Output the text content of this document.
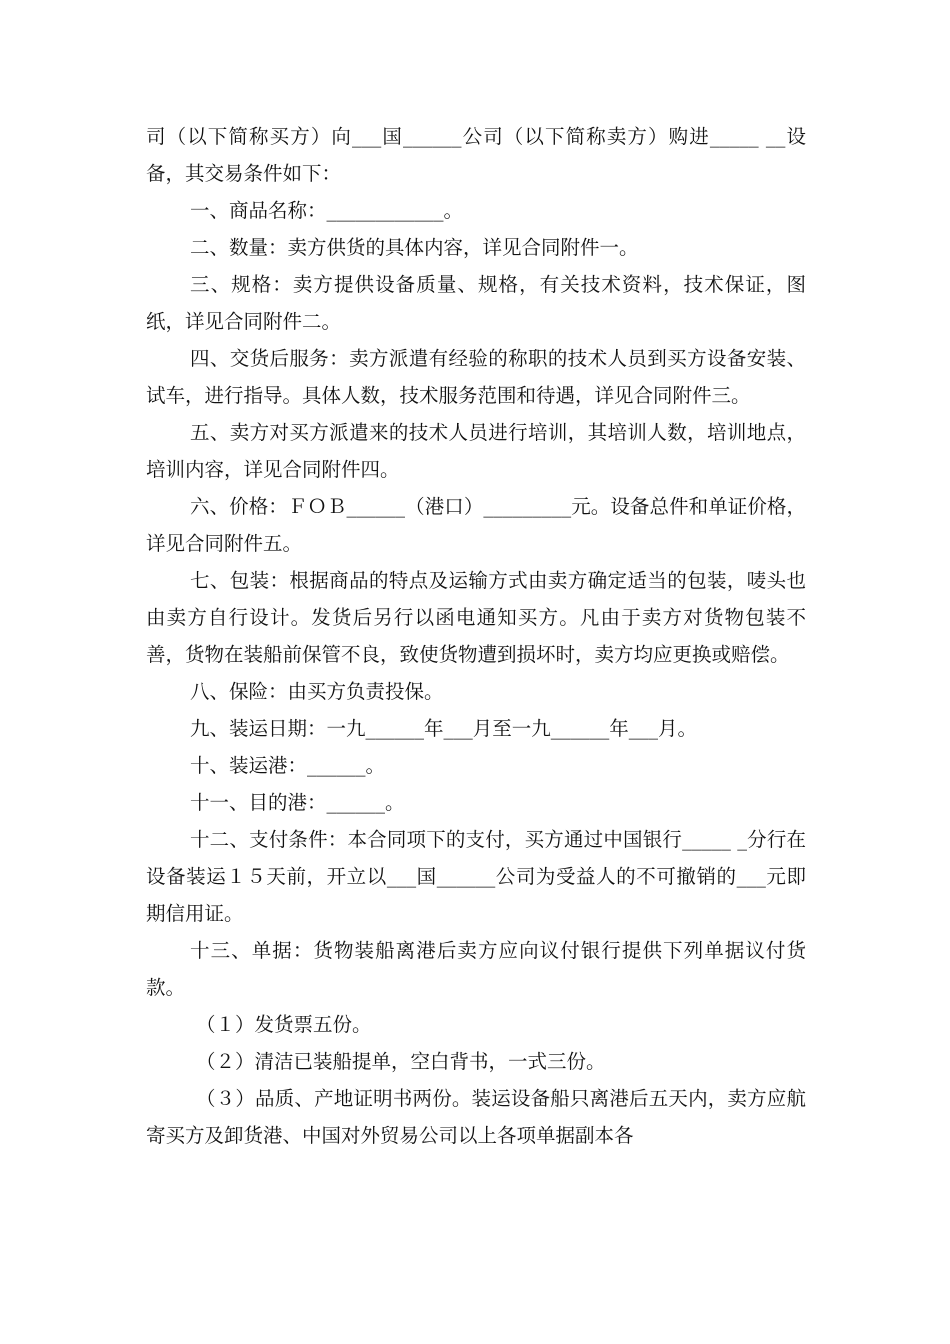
司（以下简称买方）向___国______公司（以下简称卖方）购进_____ __设备，其交易条件如下：

一、商品名称：____________。

二、数量：卖方供货的具体内容，详见合同附件一。

三、规格：卖方提供设备质量、规格，有关技术资料，技术保证，图纸，详见合同附件二。

四、交货后服务：卖方派遣有经验的称职的技术人员到买方设备安装、试车，进行指导。具体人数，技术服务范围和待遇，详见合同附件三。

五、卖方对买方派遣来的技术人员进行培训，其培训人数，培训地点，培训内容，详见合同附件四。

六、价格：ＦＯＢ______（港口）_________元。设备总件和单证价格，详见合同附件五。

七、包装：根据商品的特点及运输方式由卖方确定适当的包装，唛头也由卖方自行设计。发货后另行以函电通知买方。凡由于卖方对货物包装不善，货物在装船前保管不良，致使货物遭到损坏时，卖方均应更换或赔偿。

八、保险：由买方负责投保。

九、装运日期：一九______年___月至一九______年___月。

十、装运港：______。

十一、目的港：______。

十二、支付条件：本合同项下的支付，买方通过中国银行_____ _分行在设备装运１５天前，开立以___国______公司为受益人的不可撤销的___元即期信用证。

十三、单据：货物装船离港后卖方应向议付银行提供下列单据议付货款。

（１）发货票五份。

（２）清洁已装船提单，空白背书，一式三份。

（３）品质、产地证明书两份。装运设备船只离港后五天内，卖方应航寄买方及卸货港、中国对外贸易公司以上各项单据副本各
